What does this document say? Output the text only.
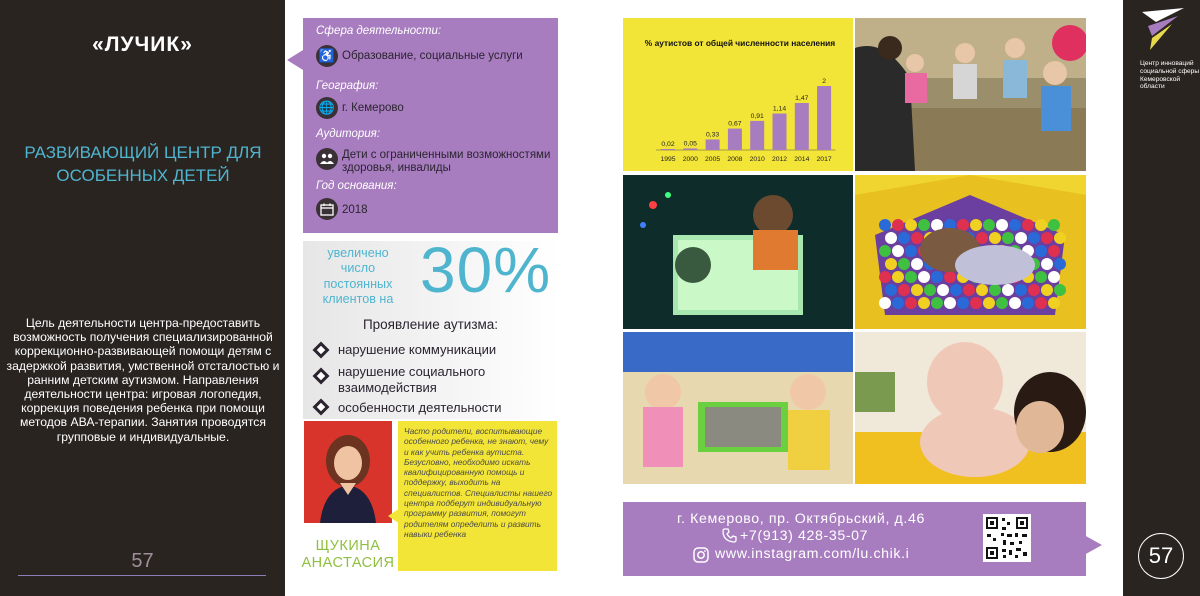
«ЛУЧИК»
РАЗВИВАЮЩИЙ ЦЕНТР ДЛЯ ОСОБЕННЫХ ДЕТЕЙ
Цель деятельности центра-предоставить возможность получения специализированной коррекционно-развивающей помощи детям с задержкой развития, умственной отсталостью и ранним детским аутизмом. Направления деятельности центра: игровая логопедия, коррекция поведения ребенка при помощи методов АВА-терапии. Занятия проводятся групповые и индивидуальные.
57
Центр инноваций социальной сферы Кемеровской области
57
Сфера деятельности:
♿ Образование, социальные услуги
География:
🌐 г. Кемерово
Аудитория:
Дети с ограниченными возможностями здоровья, инвалиды
Год основания:
2018
увеличено число постоянных клиентов на 30%
Проявление аутизма:
нарушение коммуникации
нарушение социального взаимодействия
особенности деятельности
ЩУКИНА АНАСТАСИЯ
Часто родители, воспитывающие особенного ребенка, не знают, чему и как учить ребенка аутиста. Безусловно, необходимо искать квалифицированную помощь и поддержку, выходить на специалистов. Специалисты нашего центра подберут индивидуальную программу развития, помогут родителям определить и развить навыки ребенка
% аутистов от общей численности населения
0,02
1995
0,05
2000
0,33
2005
0,67
2008
0,91
2010
1,14
2012
1,47
2014
2
2017
г. Кемерово, пр. Октябрьский, д.46
+7(913) 428-35-07
www.instagram.com/lu.chik.i
